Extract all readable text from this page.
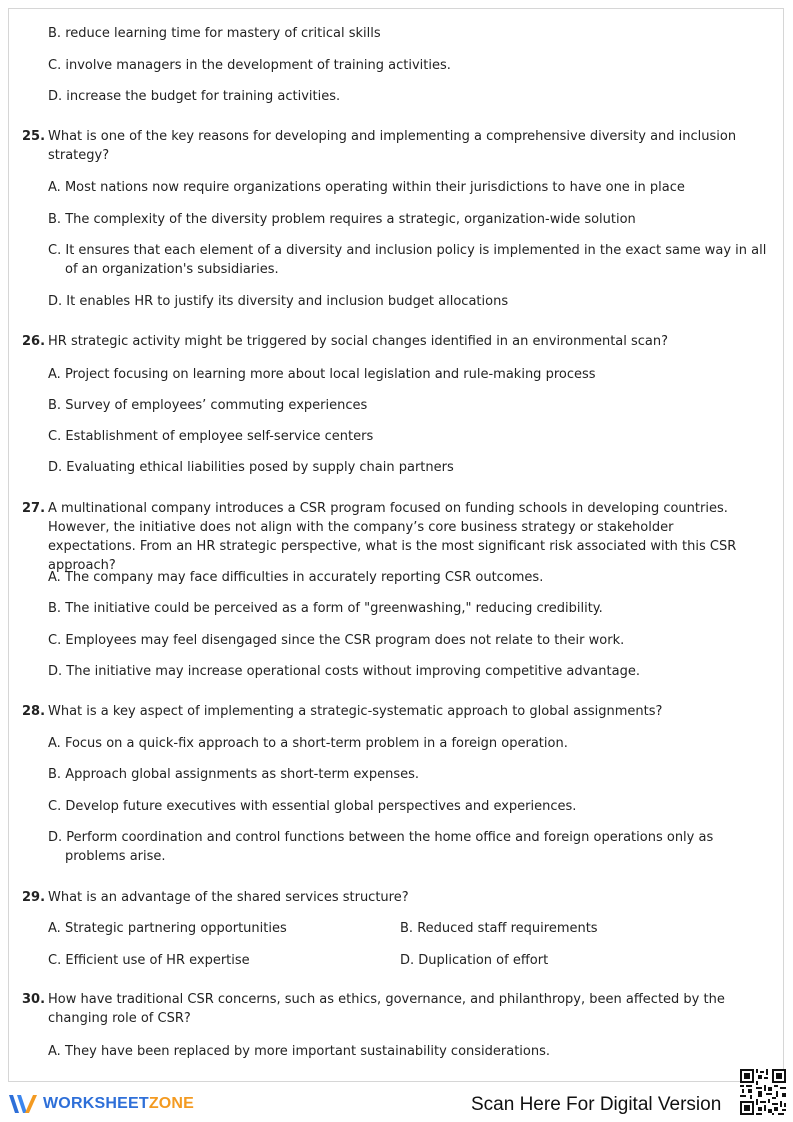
B. reduce learning time for mastery of critical skills
C. involve managers in the development of training activities.
D. increase the budget for training activities.
25. What is one of the key reasons for developing and implementing a comprehensive diversity and inclusion strategy?
A. Most nations now require organizations operating within their jurisdictions to have one in place
B. The complexity of the diversity problem requires a strategic, organization-wide solution
C. It ensures that each element of a diversity and inclusion policy is implemented in the exact same way in all of an organization's subsidiaries.
D. It enables HR to justify its diversity and inclusion budget allocations
26. HR strategic activity might be triggered by social changes identified in an environmental scan?
A. Project focusing on learning more about local legislation and rule-making process
B. Survey of employees’ commuting experiences
C. Establishment of employee self-service centers
D. Evaluating ethical liabilities posed by supply chain partners
27. A multinational company introduces a CSR program focused on funding schools in developing countries. However, the initiative does not align with the company’s core business strategy or stakeholder expectations. From an HR strategic perspective, what is the most significant risk associated with this CSR approach?
A. The company may face difficulties in accurately reporting CSR outcomes.
B. The initiative could be perceived as a form of "greenwashing," reducing credibility.
C. Employees may feel disengaged since the CSR program does not relate to their work.
D. The initiative may increase operational costs without improving competitive advantage.
28. What is a key aspect of implementing a strategic-systematic approach to global assignments?
A. Focus on a quick-fix approach to a short-term problem in a foreign operation.
B. Approach global assignments as short-term expenses.
C. Develop future executives with essential global perspectives and experiences.
D. Perform coordination and control functions between the home office and foreign operations only as problems arise.
29. What is an advantage of the shared services structure?
A. Strategic partnering opportunities	B. Reduced staff requirements
C. Efficient use of HR expertise	D. Duplication of effort
30. How have traditional CSR concerns, such as ethics, governance, and philanthropy, been affected by the changing role of CSR?
A. They have been replaced by more important sustainability considerations.
WORKSHEETZONE	Scan Here For Digital Version
